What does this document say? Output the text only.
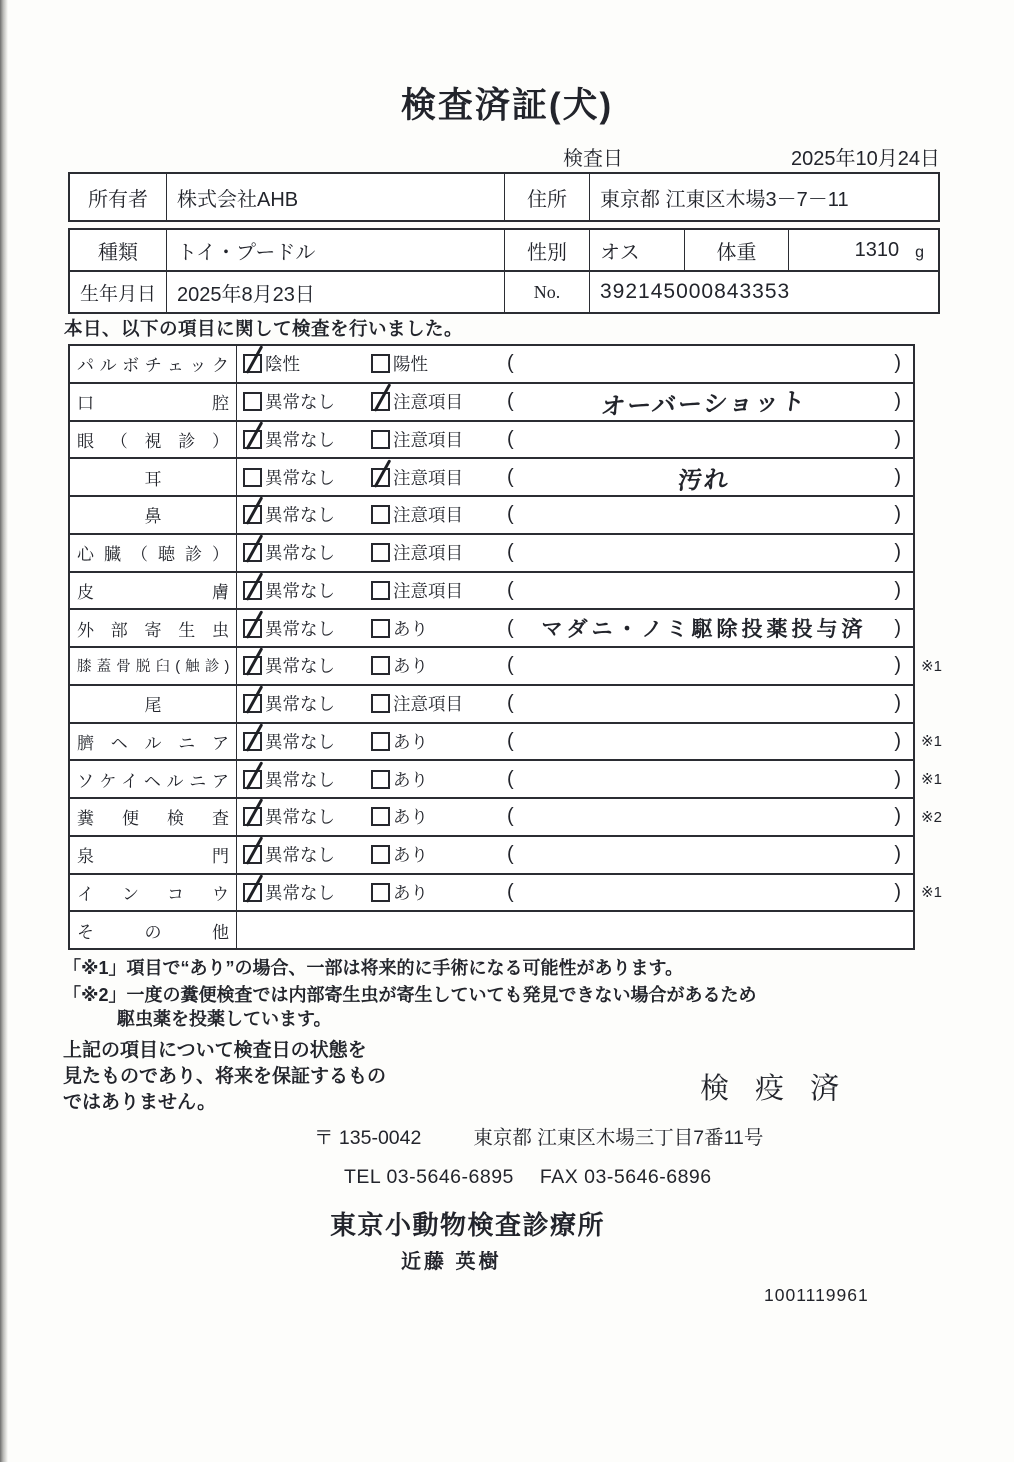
検査済証(犬)
検査日	2025年10月24日
所有者	株式会社AHB	住所	東京都 江東区木場3－7－11
種類	トイ・プードル	性別	オス	体重	1310 g
生年月日	2025年8月23日	No.	392145000843353
本日、以下の項目に関して検査を行いました。
パルボチェック 陰性	陽性	(	)
口腔 異常なし	注意項目 (	オーバーショット	)
眼（視診） 異常なし	注意項目 (	)
耳	異常なし	注意項目 (	汚れ	)
鼻	異常なし	注意項目 (	)
心臓（聴診） 異常なし	注意項目 (	)
皮膚 異常なし	注意項目 (	)
外部寄生虫 異常なし	あり	(	マダニ・ノミ駆除投薬投与済	)
膝蓋骨脱臼(触診) 異常なし	あり	(	) ※1
尾	異常なし	注意項目 (	)
臍ヘルニア 異常なし	あり	(	) ※1
ソケイヘルニア 異常なし	あり	(	) ※1
糞便検査 異常なし	あり	(	) ※2
泉門 異常なし	あり	(	)
インコウ 異常なし	あり	(	) ※1
その他
「※1」項目で“あり”の場合、一部は将来的に手術になる可能性があります。
「※2」一度の糞便検査では内部寄生虫が寄生していても発見できない場合があるため
駆虫薬を投薬しています。
上記の項目について検査日の状態を
見たものであり、将来を保証するもの
ではありません。	検 疫 済
〒 135-0042	東京都 江東区木場三丁目7番11号
TEL 03-5646-6895 FAX 03-5646-6896
東京小動物検査診療所
近藤 英樹
1001119961
